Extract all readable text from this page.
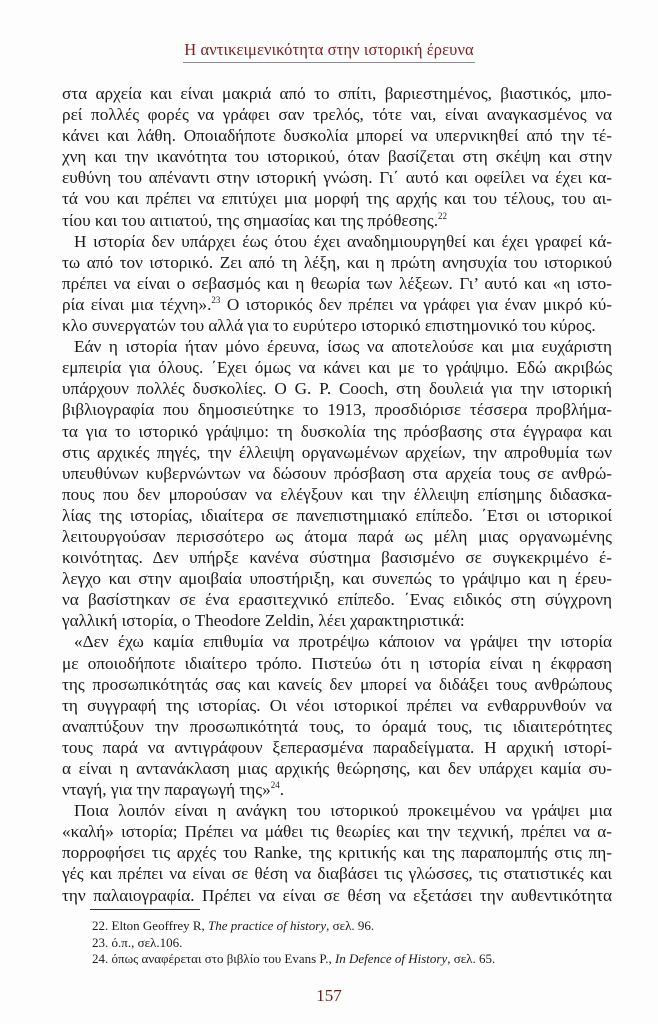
Η αντικειμενικότητα στην ιστορική έρευνα
στα αρχεία και είναι μακριά από το σπίτι, βαριεστημένος, βιαστικός, μπο-
ρεί πολλές φορές να γράφει σαν τρελός, τότε ναι, είναι αναγκασμένος να
κάνει και λάθη. Οποιαδήποτε δυσκολία μπορεί να υπερνικηθεί από την τέ-
χνη και την ικανότητα του ιστορικού, όταν βασίζεται στη σκέψη και στην
ευθύνη του απέναντι στην ιστορική γνώση. Γι΄ αυτό και οφείλει να έχει κα-
τά νου και πρέπει να επιτύχει μια μορφή της αρχής και του τέλους, του αι-
τίου και του αιτιατού, της σημασίας και της πρόθεσης.$^{22}$
Η ιστορία δεν υπάρχει έως ότου έχει αναδημιουργηθεί και έχει γραφεί κά-
τω από τον ιστορικό. Ζει από τη λέξη, και η πρώτη ανησυχία του ιστορικού
πρέπει να είναι ο σεβασμός και η θεωρία των λέξεων. Γι’ αυτό και «η ιστο-
ρία είναι μια τέχνη».$^{23}$ Ο ιστορικός δεν πρέπει να γράφει για έναν μικρό κύ-
κλο συνεργατών του αλλά για το ευρύτερο ιστορικό επιστημονικό του κύρος.
Εάν η ιστορία ήταν μόνο έρευνα, ίσως να αποτελούσε και μια ευχάριστη
εμπειρία για όλους. ΄Εχει όμως να κάνει και με το γράψιμο. Εδώ ακριβώς
υπάρχουν πολλές δυσκολίες. Ο G. P. Cooch, στη δουλειά για την ιστορική
βιβλιογραφία που δημοσιεύτηκε το 1913, προσδιόρισε τέσσερα προβλήμα-
τα για το ιστορικό γράψιμο: τη δυσκολία της πρόσβασης στα έγγραφα και
στις αρχικές πηγές, την έλλειψη οργανωμένων αρχείων, την απροθυμία των
υπευθύνων κυβερνώντων να δώσουν πρόσβαση στα αρχεία τους σε ανθρώ-
πους που δεν μπορούσαν να ελέγξουν και την έλλειψη επίσημης διδασκα-
λίας της ιστορίας, ιδιαίτερα σε πανεπιστημιακό επίπεδο. ΄Ετσι οι ιστορικοί
λειτουργούσαν περισσότερο ως άτομα παρά ως μέλη μιας οργανωμένης
κοινότητας. Δεν υπήρξε κανένα σύστημα βασισμένο σε συγκεκριμένο έ-
λεγχο και στην αμοιβαία υποστήριξη, και συνεπώς το γράψιμο και η έρευ-
να βασίστηκαν σε ένα ερασιτεχνικό επίπεδο. ΄Ενας ειδικός στη σύγχρονη
γαλλική ιστορία, ο Theodore Zeldin, λέει χαρακτηριστικά:
«Δεν έχω καμία επιθυμία να προτρέψω κάποιον να γράψει την ιστορία
με οποιοδήποτε ιδιαίτερο τρόπο. Πιστεύω ότι η ιστορία είναι η έκφραση
της προσωπικότητάς σας και κανείς δεν μπορεί να διδάξει τους ανθρώπους
τη συγγραφή της ιστορίας. Οι νέοι ιστορικοί πρέπει να ενθαρρυνθούν να
αναπτύξουν την προσωπικότητά τους, το όραμά τους, τις ιδιαιτερότητες
τους παρά να αντιγράφουν ξεπερασμένα παραδείγματα. Η αρχική ιστορί-
α είναι η αντανάκλαση μιας αρχικής θεώρησης, και δεν υπάρχει καμία συ-
νταγή, για την παραγωγή της»$^{24}$.
Ποια λοιπόν είναι η ανάγκη του ιστορικού προκειμένου να γράψει μια
«καλή» ιστορία; Πρέπει να μάθει τις θεωρίες και την τεχνική, πρέπει να α-
πορροφήσει τις αρχές του Ranke, της κριτικής και της παραπομπής στις πη-
γές και πρέπει να είναι σε θέση να διαβάσει τις γλώσσες, τις στατιστικές και
την παλαιογραφία. Πρέπει να είναι σε θέση να εξετάσει την αυθεντικότητα
22. Elton Geoffrey R, The practice of history, σελ. 96.
23. ό.π., σελ.106.
24. όπως αναφέρεται στο βιβλίο του Evans P., In Defence of History, σελ. 65.
157
